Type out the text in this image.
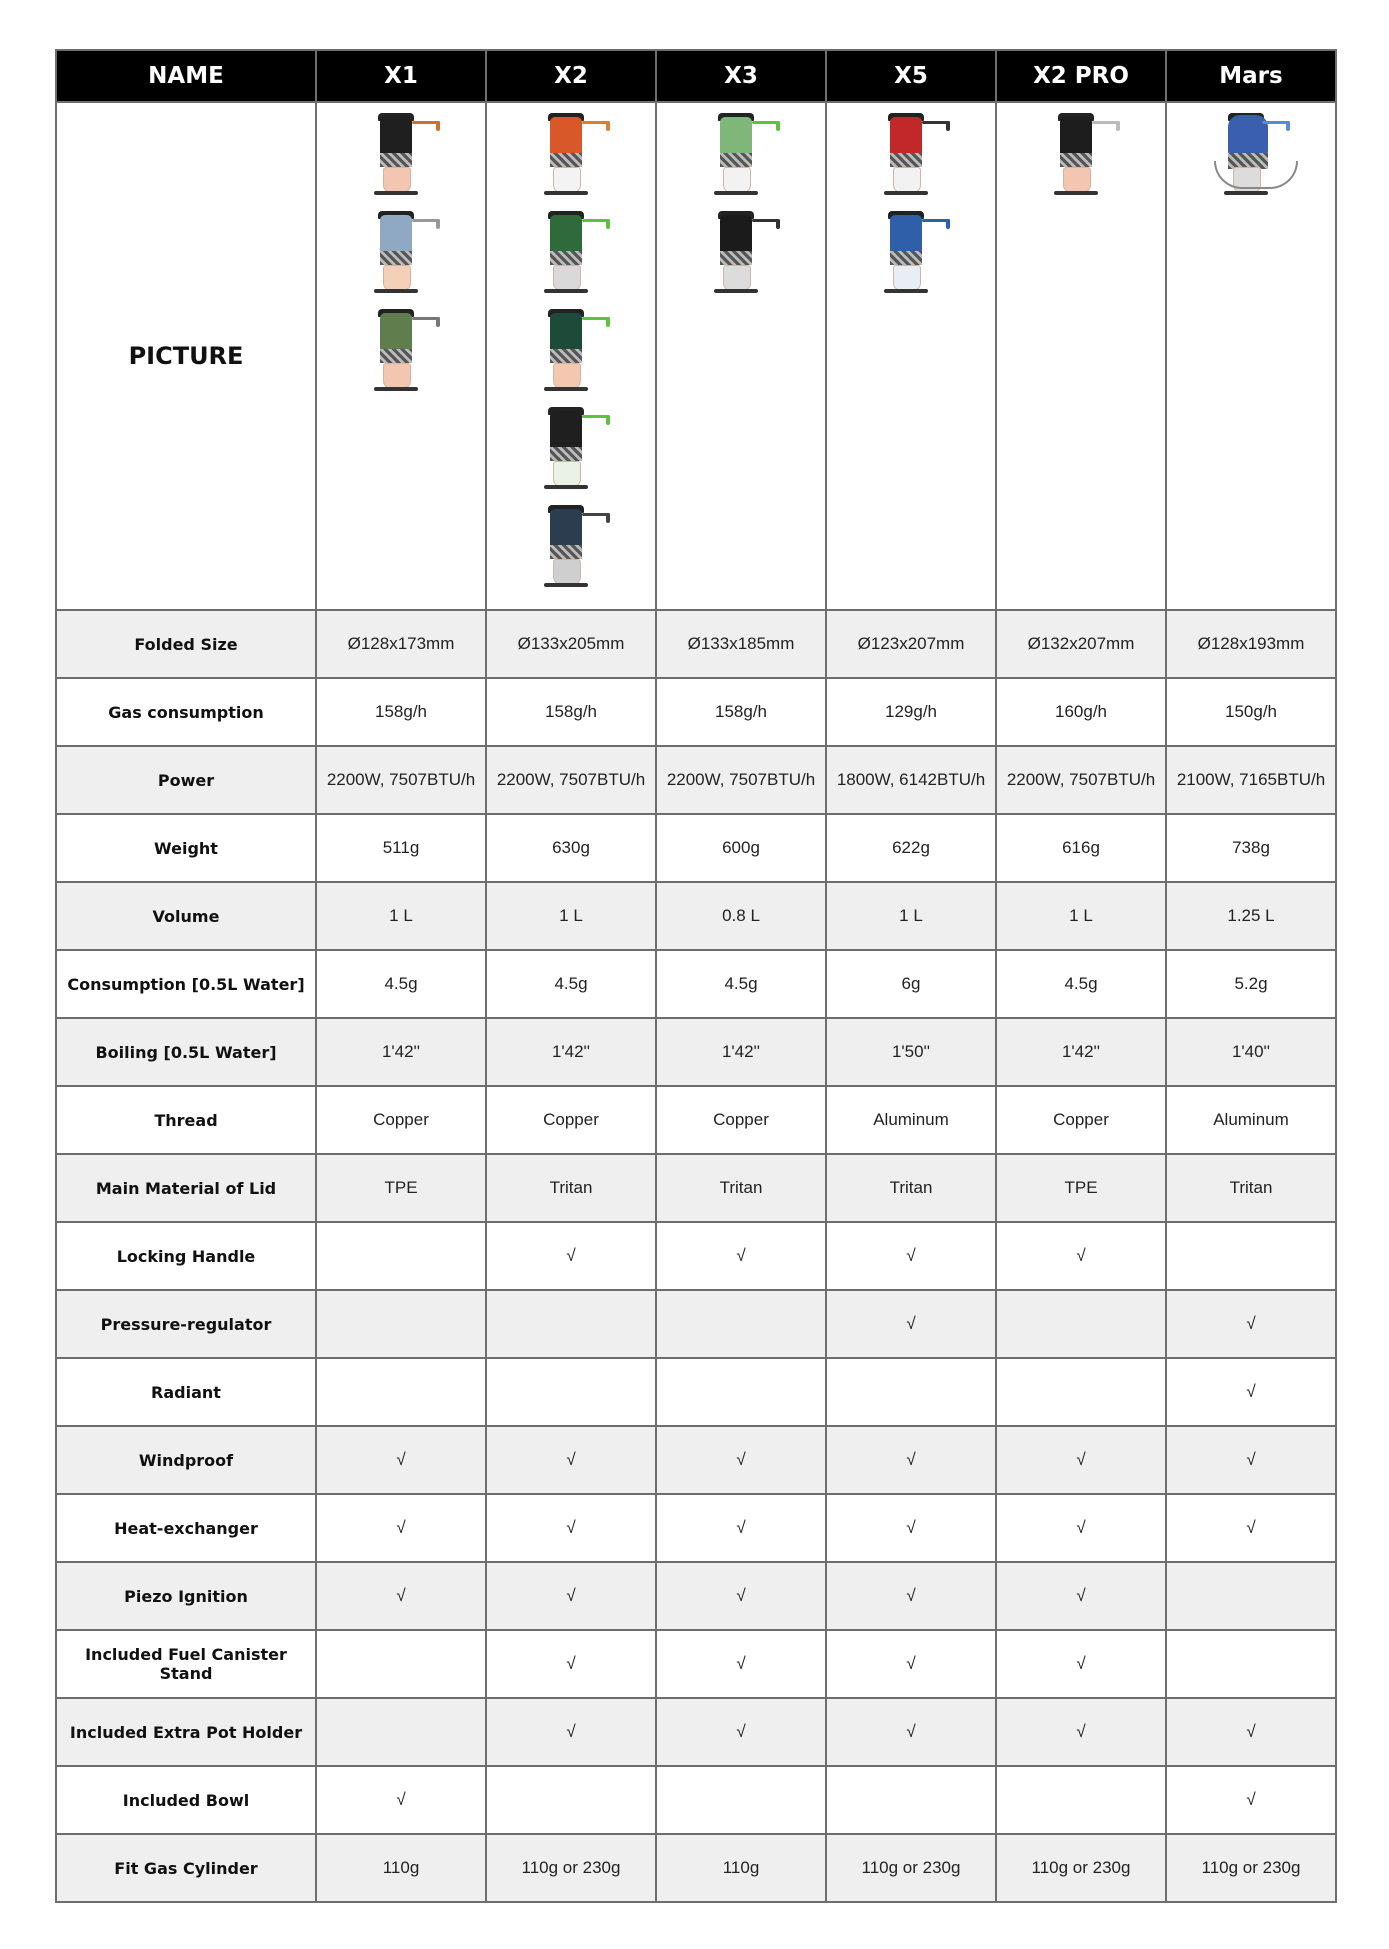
NAME	X1	X2	X3	X5	X2 PRO	Mars
PICTURE	

Folded Size	Ø128x173mm	Ø133x205mm	Ø133x185mm	Ø123x207mm	Ø132x207mm	Ø128x193mm
Gas consumption	158g/h	158g/h	158g/h	129g/h	160g/h	150g/h
Power	2200W, 7507BTU/h	2200W, 7507BTU/h	2200W, 7507BTU/h	1800W, 6142BTU/h	2200W, 7507BTU/h	2100W, 7165BTU/h
Weight	511g	630g	600g	622g	616g	738g
Volume	1 L	1 L	0.8 L	1 L	1 L	1.25 L
Consumption [0.5L Water]	4.5g	4.5g	4.5g	6g	4.5g	5.2g
Boiling [0.5L Water]	1'42''	1'42''	1'42''	1'50''	1'42''	1'40''
Thread	Copper	Copper	Copper	Aluminum	Copper	Aluminum
Main Material of Lid	TPE	Tritan	Tritan	Tritan	TPE	Tritan
Locking Handle		√	√	√	√	
Pressure-regulator				√		√
Radiant						√
Windproof	√	√	√	√	√	√
Heat-exchanger	√	√	√	√	√	√
Piezo Ignition	√	√	√	√	√	
Included Fuel Canister Stand		√	√	√	√	
Included Extra Pot Holder		√	√	√	√	√
Included Bowl	√					√
Fit Gas Cylinder	110g	110g or 230g	110g	110g or 230g	110g or 230g	110g or 230g
